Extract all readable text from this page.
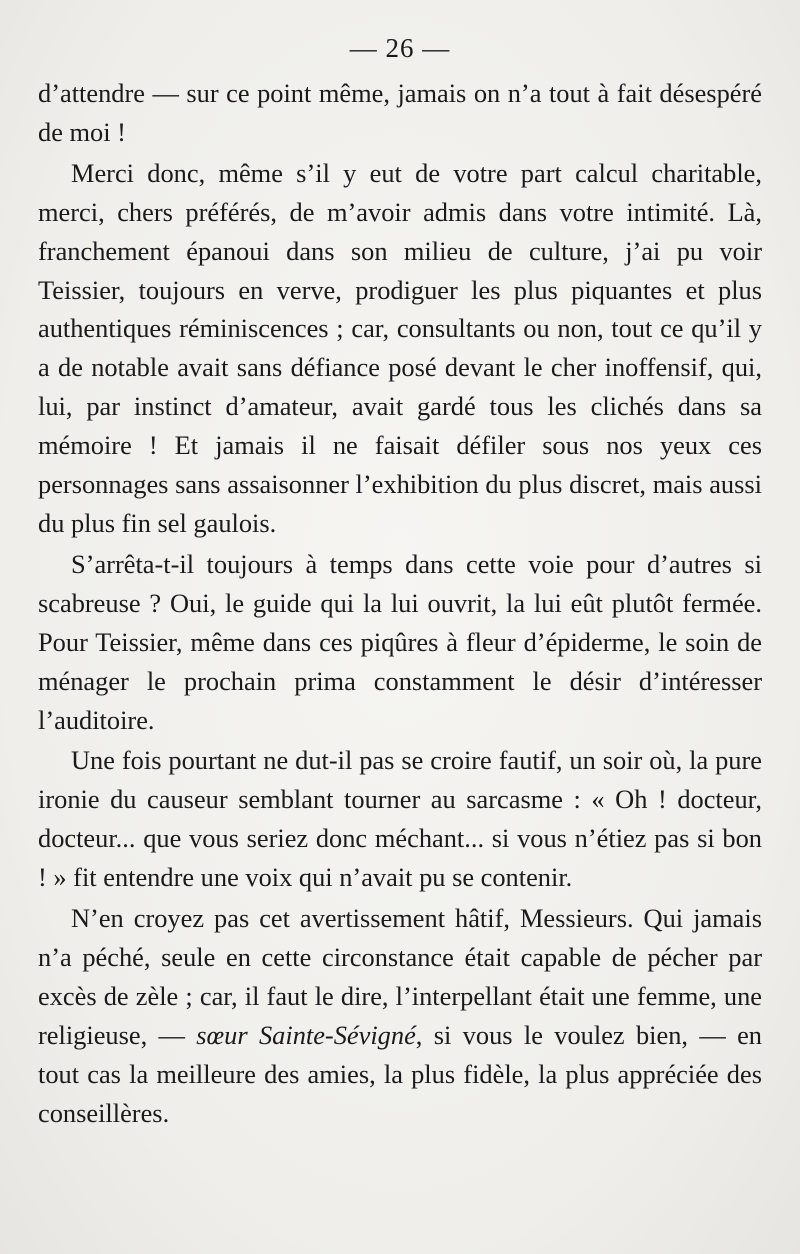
— 26 —

d’attendre — sur ce point même, jamais on n’a tout à fait désespéré de moi !

Merci donc, même s’il y eut de votre part calcul charitable, merci, chers préférés, de m’avoir admis dans votre intimité. Là, franchement épanoui dans son milieu de culture, j’ai pu voir Teissier, toujours en verve, prodiguer les plus piquantes et plus authentiques réminiscences ; car, consultants ou non, tout ce qu’il y a de notable avait sans défiance posé devant le cher inoffensif, qui, lui, par instinct d’amateur, avait gardé tous les clichés dans sa mémoire ! Et jamais il ne faisait défiler sous nos yeux ces personnages sans assaisonner l’exhibition du plus discret, mais aussi du plus fin sel gaulois.

S’arrêta-t-il toujours à temps dans cette voie pour d’autres si scabreuse ? Oui, le guide qui la lui ouvrit, la lui eût plutôt fermée. Pour Teissier, même dans ces piqûres à fleur d’épiderme, le soin de ménager le prochain prima constamment le désir d’intéresser l’auditoire.

Une fois pourtant ne dut-il pas se croire fautif, un soir où, la pure ironie du causeur semblant tourner au sarcasme : « Oh ! docteur, docteur... que vous seriez donc méchant... si vous n’étiez pas si bon ! » fit entendre une voix qui n’avait pu se contenir.

N’en croyez pas cet avertissement hâtif, Messieurs. Qui jamais n’a péché, seule en cette circonstance était capable de pécher par excès de zèle ; car, il faut le dire, l’interpellant était une femme, une religieuse, — sœur Sainte-Sévigné, si vous le voulez bien, — en tout cas la meilleure des amies, la plus fidèle, la plus appréciée des conseillères.
